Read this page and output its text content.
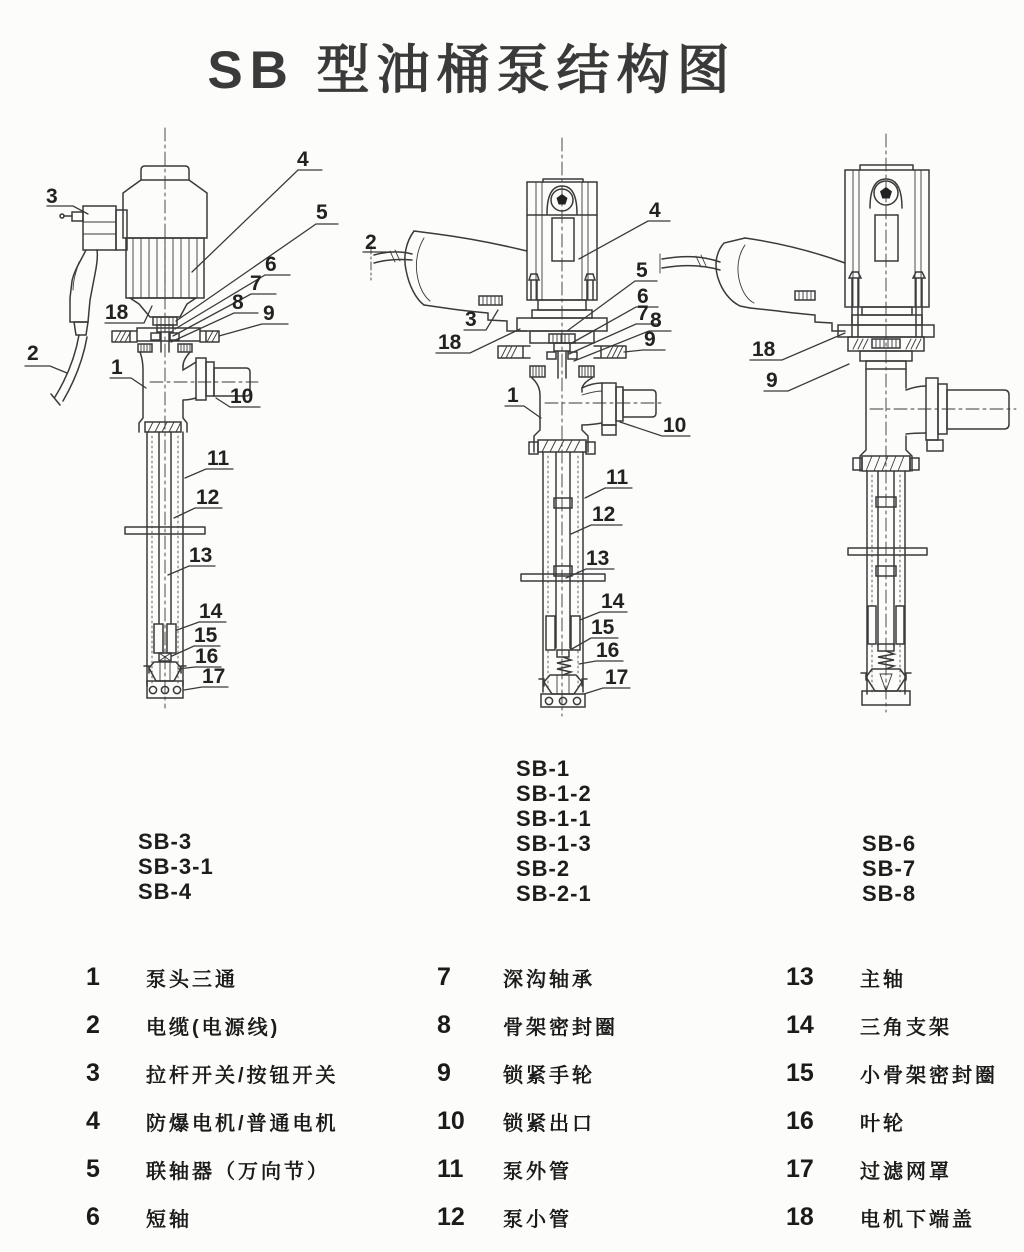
SB 型油桶泵结构图
3
4
5
6
7
8 9
18
2
1
10
11
12
13
14
15
16
17
2
4
5
6
7 8
9
3
18
1
10
11
12
13
14
15
16
17
18
9
SB-3
SB-3-1
SB-4
SB-1
SB-1-2
SB-1-1
SB-1-3
SB-2
SB-2-1
SB-6
SB-7
SB-8
1	泵头三通
2	电缆(电源线)
3	拉杆开关/按钮开关
4	防爆电机/普通电机
5	联轴器（万向节）
6	短轴
7	深沟轴承
8	骨架密封圈
9	锁紧手轮
10	锁紧出口
11	泵外管
12	泵小管
13	主轴
14	三角支架
15	小骨架密封圈
16	叶轮
17	过滤网罩
18	电机下端盖
